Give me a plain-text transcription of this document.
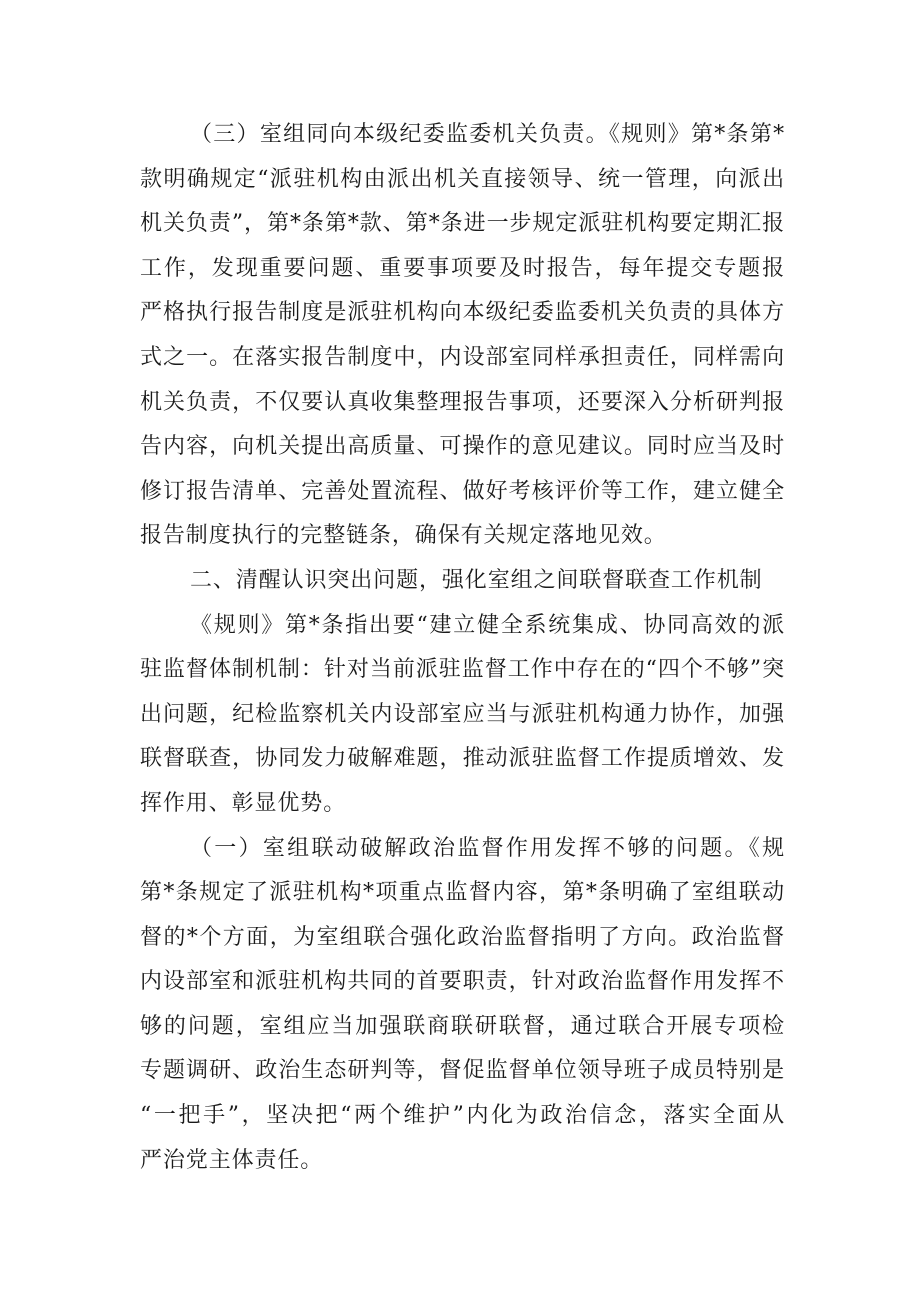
（三）室组同向本级纪委监委机关负责。《规则》第*条第*
款明确规定“派驻机构由派出机关直接领导、统一管理，向派出
机关负责”，第*条第*款、第*条进一步规定派驻机构要定期汇报
工作，发现重要问题、重要事项要及时报告，每年提交专题报
严格执行报告制度是派驻机构向本级纪委监委机关负责的具体方
式之一。在落实报告制度中，内设部室同样承担责任，同样需向
机关负责，不仅要认真收集整理报告事项，还要深入分析研判报
告内容，向机关提出高质量、可操作的意见建议。同时应当及时
修订报告清单、完善处置流程、做好考核评价等工作，建立健全
报告制度执行的完整链条，确保有关规定落地见效。
二、清醒认识突出问题，强化室组之间联督联查工作机制
《规则》第*条指出要“建立健全系统集成、协同高效的派
驻监督体制机制：针对当前派驻监督工作中存在的“四个不够”突
出问题，纪检监察机关内设部室应当与派驻机构通力协作，加强
联督联查，协同发力破解难题，推动派驻监督工作提质增效、发
挥作用、彰显优势。
（一）室组联动破解政治监督作用发挥不够的问题。《规
第*条规定了派驻机构*项重点监督内容，第*条明确了室组联动
督的*个方面，为室组联合强化政治监督指明了方向。政治监督
内设部室和派驻机构共同的首要职责，针对政治监督作用发挥不
够的问题，室组应当加强联商联研联督，通过联合开展专项检
专题调研、政治生态研判等，督促监督单位领导班子成员特别是
“一把手”，坚决把“两个维护”内化为政治信念，落实全面从
严治党主体责任。
